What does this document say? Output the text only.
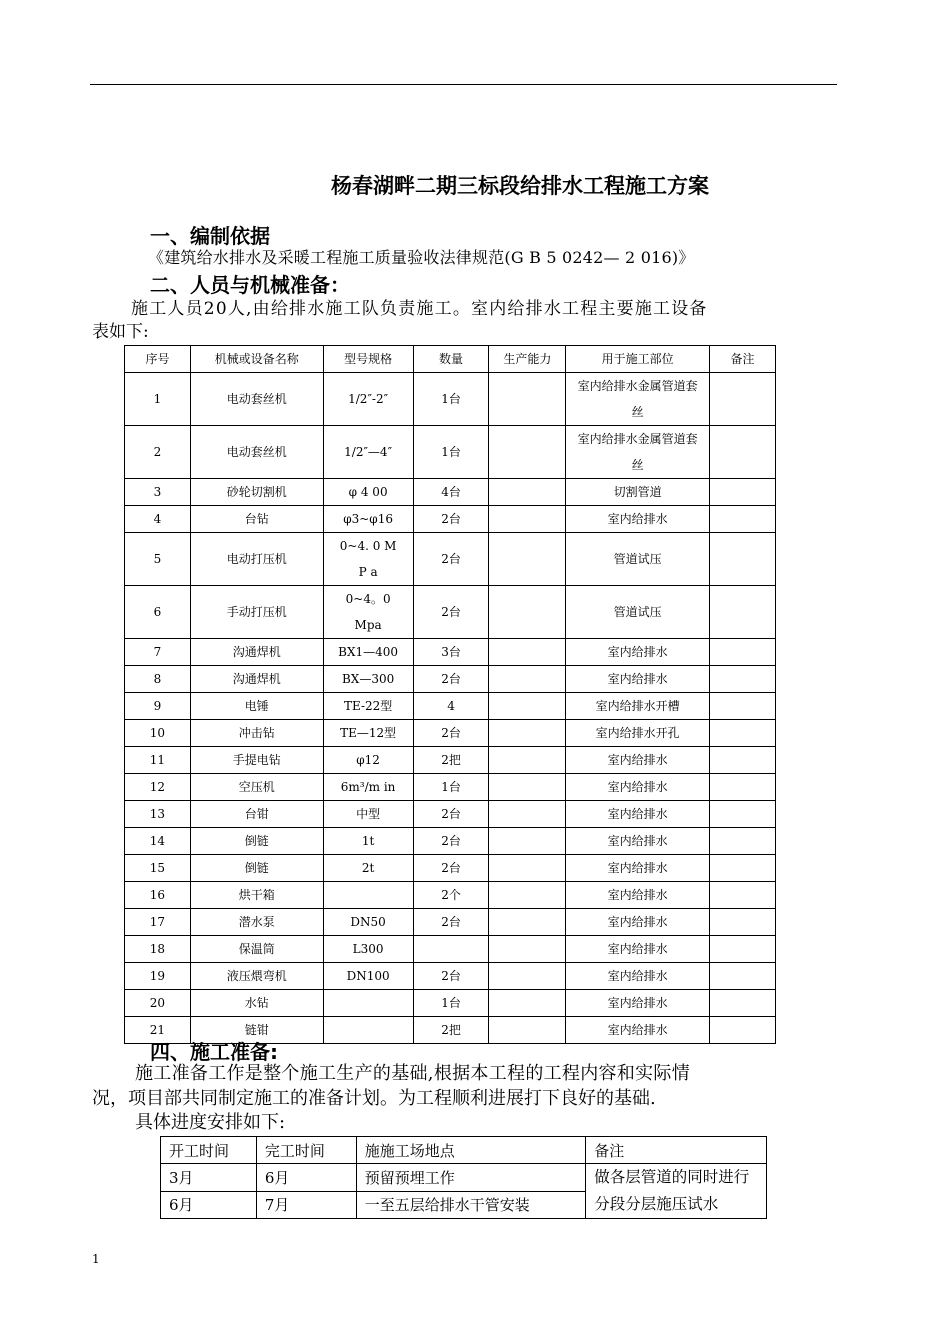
杨春湖畔二期三标段给排水工程施工方案
一、编制依据
《建筑给水排水及采暖工程施工质量验收法律规范(G B 5 0242— 2 016)》
二、人员与机械准备：
施工人员20人,由给排水施工队负责施工。室内给排水工程主要施工设备
表如下:
序号	机械或设备名称	型号规格	数量	生产能力	用于施工部位	备注
1	电动套丝机	1/2″-2″	1台		室内给排水金属管道套丝	
2	电动套丝机	1/2″—4″	1台		室内给排水金属管道套丝	
3	砂轮切割机	φ 4 00	4台		切割管道	
4	台钻	φ3~φ16	2台		室内给排水	
5	电动打压机	0~4. 0 M P a	2台		管道试压	
6	手动打压机	0~4。0 Mpa	2台		管道试压	
7	沟通焊机	BX1—400	3台		室内给排水	
8	沟通焊机	BX—300	2台		室内给排水	
9	电锤	TE-22型	4		室内给排水开槽	
10	冲击钻	TE—12型	2台		室内给排水开孔	
11	手提电钻	φ12	2把		室内给排水	
12	空压机	6m³/m in	1台		室内给排水	
13	台钳	中型	2台		室内给排水	
14	倒链	1t	2台		室内给排水	
15	倒链	2t	2台		室内给排水	
16	烘干箱		2个		室内给排水	
17	潜水泵	DN50	2台		室内给排水	
18	保温筒	L300			室内给排水	
19	液压煨弯机	DN100	2台		室内给排水	
20	水钻		1台		室内给排水	
21	链钳		2把		室内给排水	
四、施工准备:
施工准备工作是整个施工生产的基础,根据本工程的工程内容和实际情
况，项目部共同制定施工的准备计划。为工程顺利进展打下良好的基础.
具体进度安排如下:
开工时间	完工时间	施施工场地点	备注
3月	6月	预留预埋工作	做各层管道的同时进行分段分层施压试水
6月	7月	一至五层给排水干管安装	
1
